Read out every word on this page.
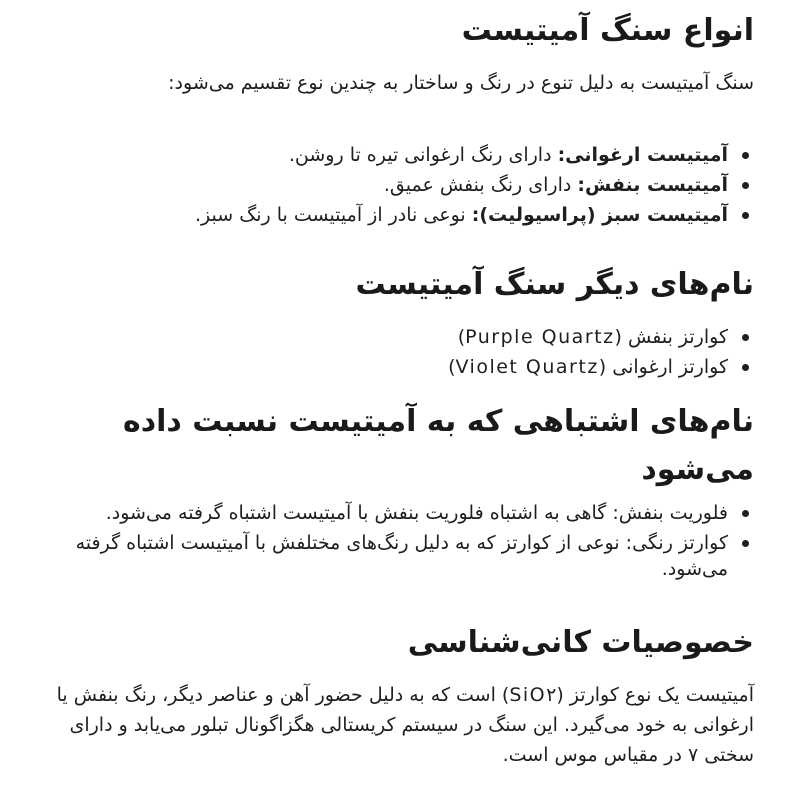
انواع سنگ آمیتیست

سنگ آمیتیست به دلیل تنوع در رنگ و ساختار به چندین نوع تقسیم می‌شود:

آمیتیست ارغوانی: دارای رنگ ارغوانی تیره تا روشن.
آمیتیست بنفش: دارای رنگ بنفش عمیق.
آمیتیست سبز (پراسیولیت): نوعی نادر از آمیتیست با رنگ سبز.
نام‌های دیگر سنگ آمیتیست
کوارتز بنفش (Purple Quartz)
کوارتز ارغوانی (Violet Quartz)
نام‌های اشتباهی که به آمیتیست نسبت داده می‌شود
فلوریت بنفش: گاهی به اشتباه فلوریت بنفش با آمیتیست اشتباه گرفته می‌شود.
کوارتز رنگی: نوعی از کوارتز که به دلیل رنگ‌های مختلفش با آمیتیست اشتباه گرفته می‌شود.
خصوصیات کانی‌شناسی

آمیتیست یک نوع کوارتز (SiO۲) است که به دلیل حضور آهن و عناصر دیگر، رنگ بنفش یا ارغوانی به خود می‌گیرد. این سنگ در سیستم کریستالی هگزاگونال تبلور می‌یابد و دارای سختی ۷ در مقیاس موس است.
